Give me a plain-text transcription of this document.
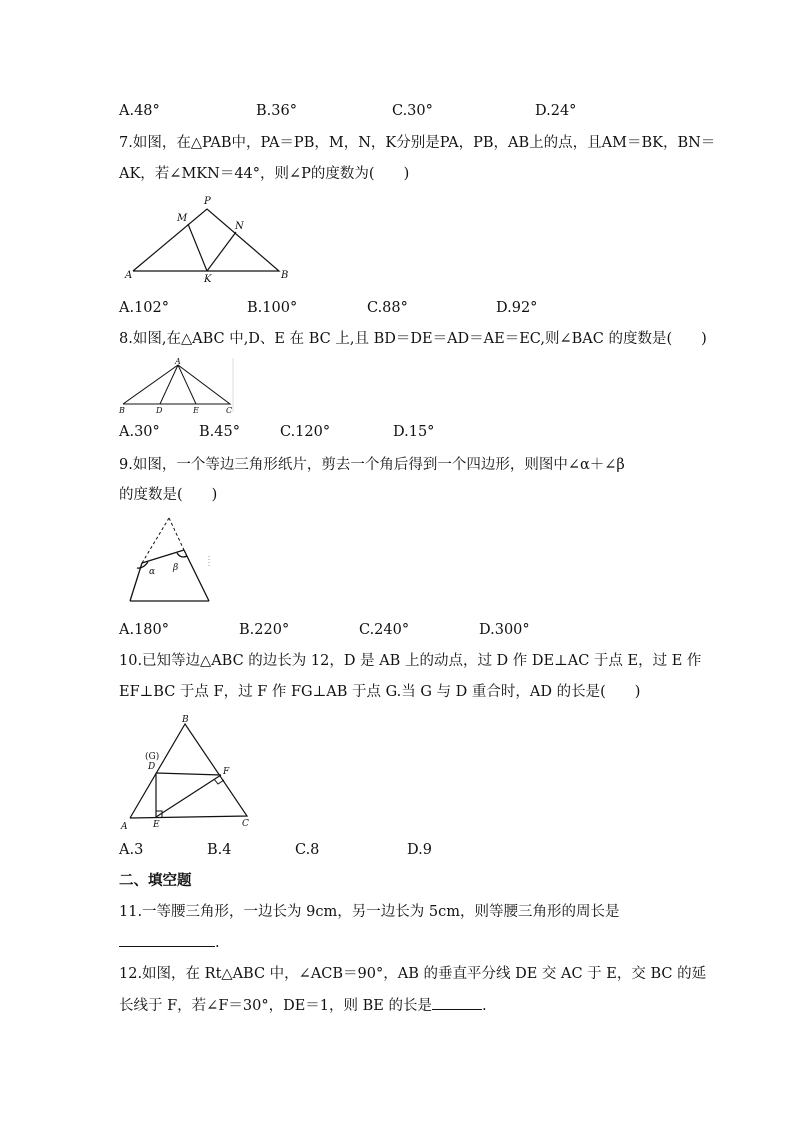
A.48°	B.36°	C.30°	D.24°
7.如图，在△PAB中，PA＝PB，M，N，K分别是PA，PB，AB上的点，且AM＝BK，BN＝
AK，若∠MKN＝44°，则∠P的度数为(　　)
P
M
N
A	K	B
A.102°	B.100°	C.88°	D.92°
8.如图,在△ABC 中,D、E 在 BC 上,且 BD＝DE＝AD＝AE＝EC,则∠BAC 的度数是(　　)
A
B	D	E	C
A.30°	B.45°	C.120°	D.15°
9.如图，一个等边三角形纸片，剪去一个角后得到一个四边形，则图中∠α＋∠β
的度数是(　　)
α β
A.180°	B.220°	C.240°	D.300°
10.已知等边△ABC 的边长为 12，D 是 AB 上的动点，过 D 作 DE⊥AC 于点 E，过 E 作
EF⊥BC 于点 F，过 F 作 FG⊥AB 于点 G.当 G 与 D 重合时，AD 的长是(　　)
B
(G)
D	F
A	E	C
A.3	B.4	C.8	D.9
二、填空题
11.一等腰三角形，一边长为 9cm，另一边长为 5cm，则等腰三角形的周长是
.
12.如图，在 Rt△ABC 中，∠ACB＝90°，AB 的垂直平分线 DE 交 AC 于 E，交 BC 的延
长线于 F，若∠F＝30°，DE＝1，则 BE 的长是	.
